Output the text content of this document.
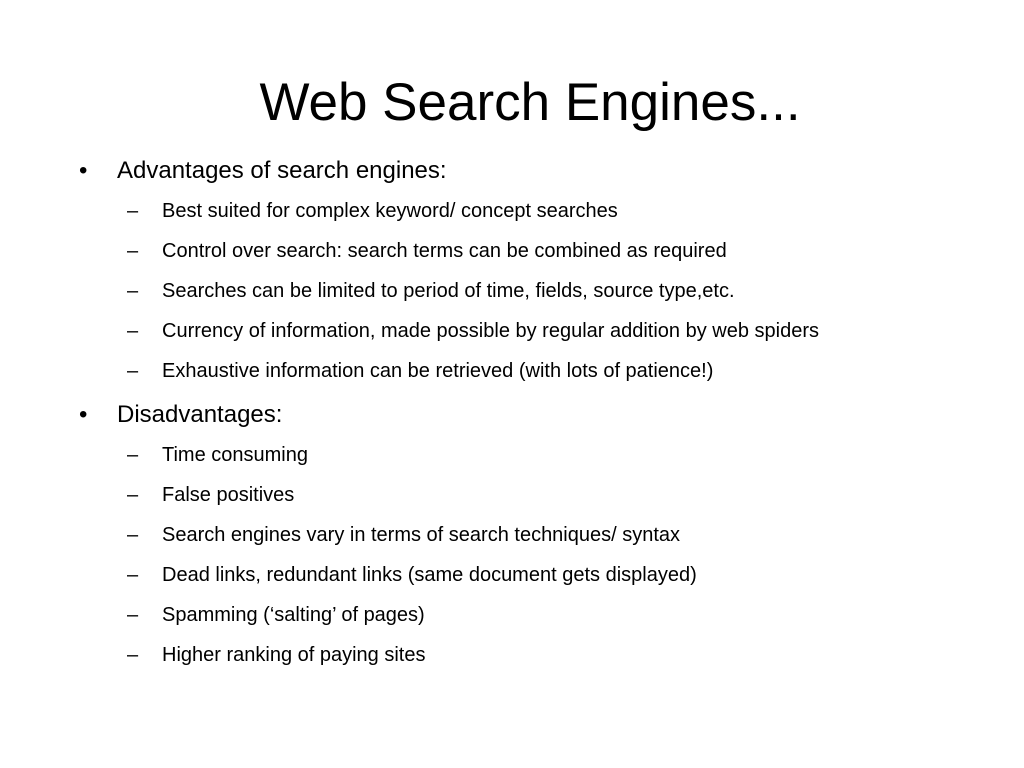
Web Search Engines...
• Advantages of search engines:
– Best suited for complex keyword/ concept searches
– Control over search: search terms can be combined as required
– Searches can be limited to period of time, fields, source type,etc.
– Currency of information, made possible by regular addition by web spiders
– Exhaustive information can be retrieved (with lots of patience!)
• Disadvantages:
– Time consuming
– False positives
– Search engines vary in terms of search techniques/ syntax
– Dead links, redundant links (same document gets displayed)
– Spamming (‘salting’ of pages)
– Higher ranking of paying sites
